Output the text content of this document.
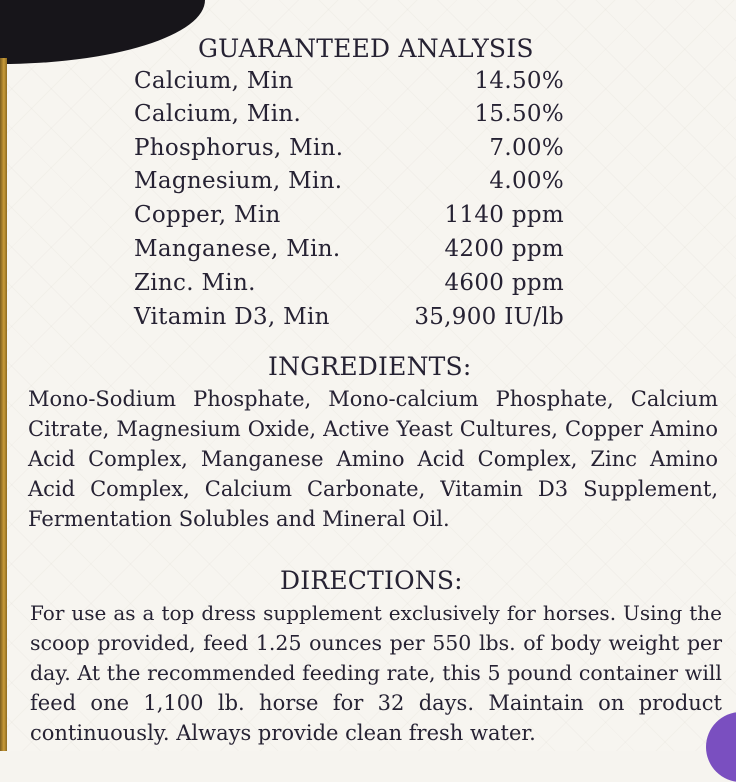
GUARANTEED ANALYSIS
Calcium, Min	14.50%
Calcium, Min.	15.50%
Phosphorus, Min.	7.00%
Magnesium, Min.	4.00%
Copper, Min	1140 ppm
Manganese, Min.	4200 ppm
Zinc. Min.	4600 ppm
Vitamin D3, Min	35,900 IU/lb
INGREDIENTS:

Mono-Sodium Phosphate, Mono-calcium Phosphate, Calcium
Citrate, Magnesium Oxide, Active Yeast Cultures, Copper Amino
Acid Complex, Manganese Amino Acid Complex, Zinc Amino
Acid Complex, Calcium Carbonate, Vitamin D3 Supplement,
Fermentation Solubles and Mineral Oil.

DIRECTIONS:

For use as a top dress supplement exclusively for horses. Using the
scoop provided, feed 1.25 ounces per 550 lbs. of body weight per
day. At the recommended feeding rate, this 5 pound container will
feed one 1,100 lb. horse for 32 days. Maintain on product
continuously. Always provide clean fresh water.
